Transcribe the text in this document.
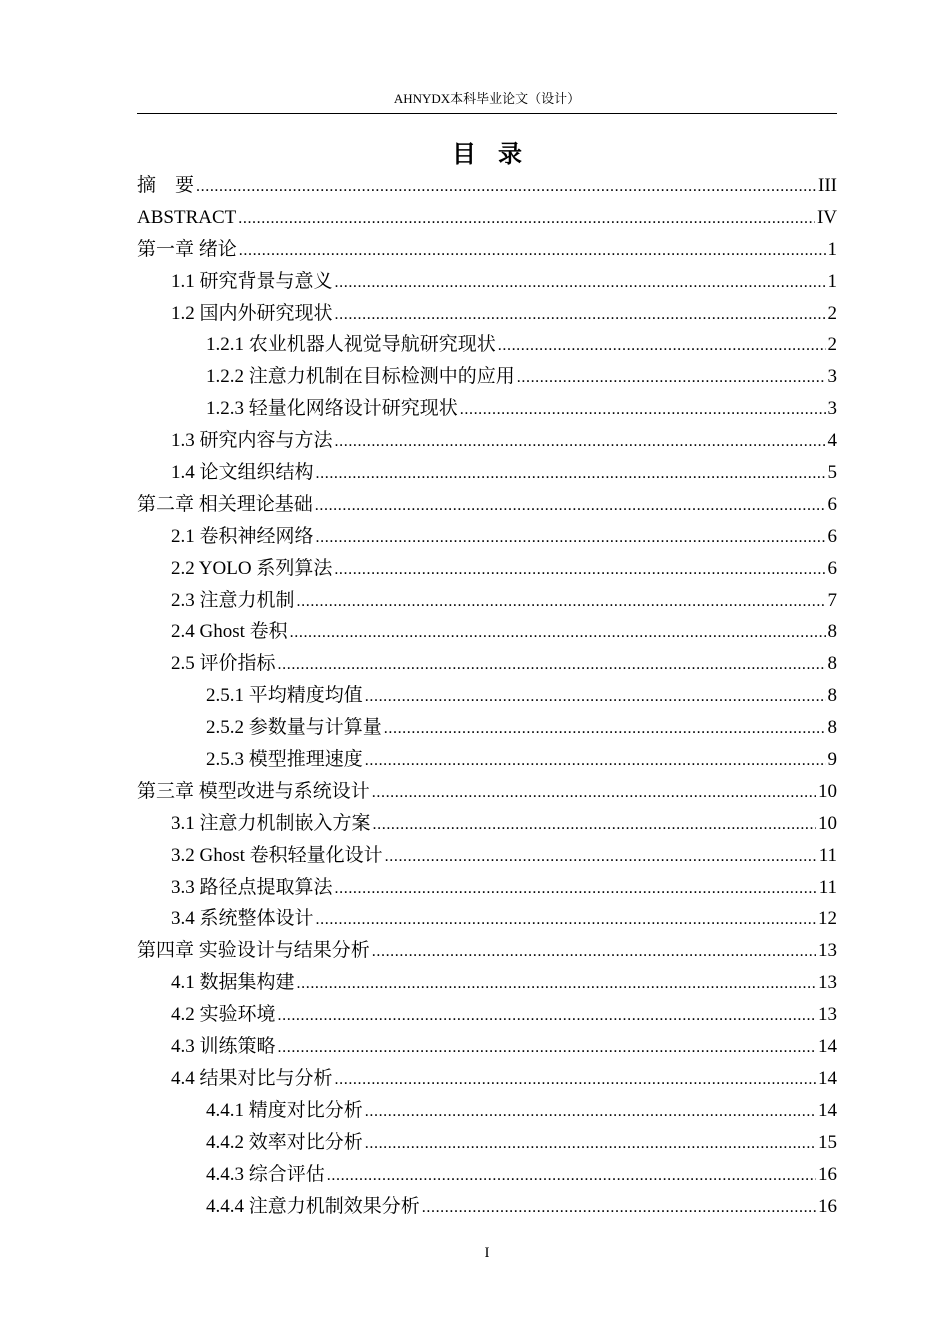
AHNYDX本科毕业论文（设计）
目录
摘　要 .....	III
ABSTRACT .....	IV
第一章 绪论 .....	1
1.1 研究背景与意义 .....	1
1.2 国内外研究现状 .....	2
1.2.1 农业机器人视觉导航研究现状 .....	2
1.2.2 注意力机制在目标检测中的应用 .....	3
1.2.3 轻量化网络设计研究现状 .....	3
1.3 研究内容与方法 .....	4
1.4 论文组织结构 .....	5
第二章 相关理论基础 .....	6
2.1 卷积神经网络 .....	6
2.2 YOLO 系列算法 .....	6
2.3 注意力机制 .....	7
2.4 Ghost 卷积 .....	8
2.5 评价指标 .....	8
2.5.1 平均精度均值 .....	8
2.5.2 参数量与计算量 .....	8
2.5.3 模型推理速度 .....	9
第三章 模型改进与系统设计 .....	10
3.1 注意力机制嵌入方案 .....	10
3.2 Ghost 卷积轻量化设计 .....	11
3.3 路径点提取算法 .....	11
3.4 系统整体设计 .....	12
第四章 实验设计与结果分析 .....	13
4.1 数据集构建 .....	13
4.2 实验环境 .....	13
4.3 训练策略 .....	14
4.4 结果对比与分析 .....	14
4.4.1 精度对比分析 .....	14
4.4.2 效率对比分析 .....	15
4.4.3 综合评估 .....	16
4.4.4 注意力机制效果分析 .....	16
I
